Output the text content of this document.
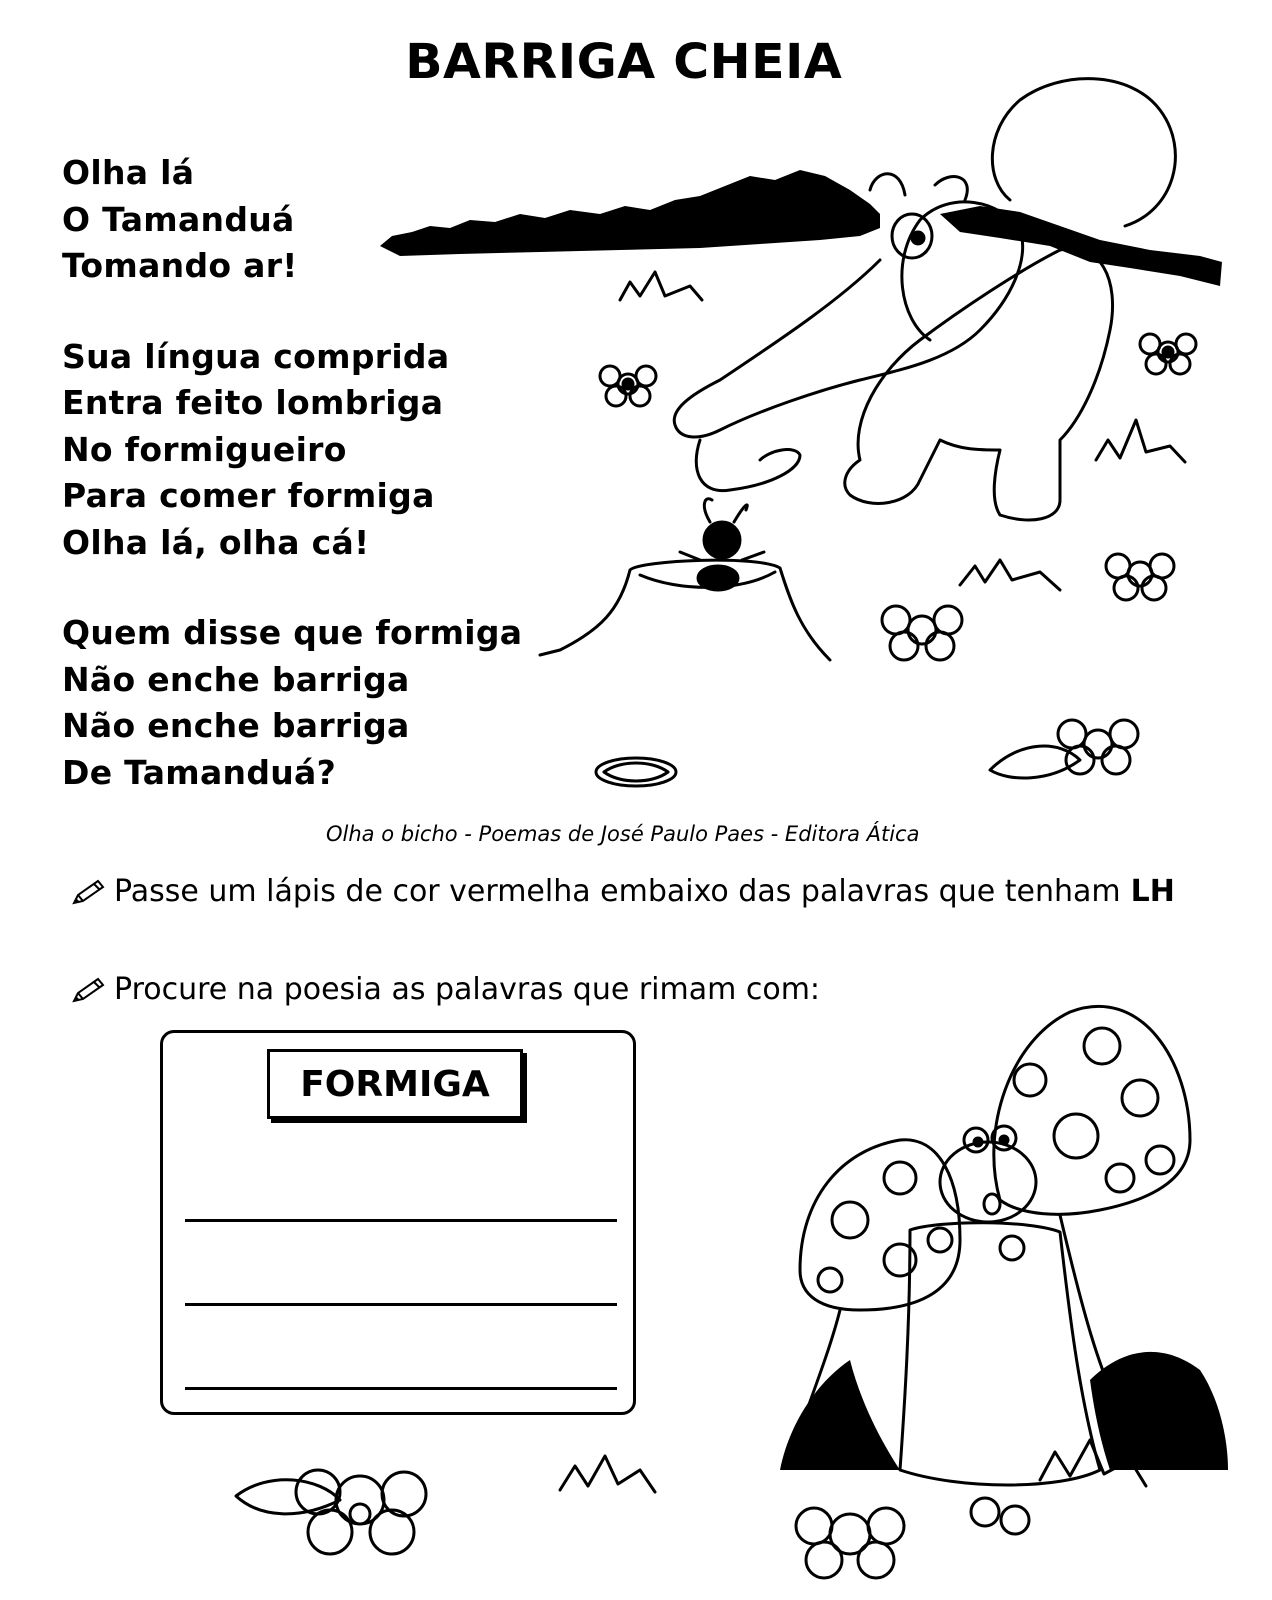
BARRIGA CHEIA
Olha lá
O Tamanduá
Tomando ar!
Sua língua comprida
Entra feito lombriga
No formigueiro
Para comer formiga
Olha lá, olha cá!
Quem disse que formiga
Não enche barriga
Não enche barriga
De Tamanduá?
Olha o bicho - Poemas de José Paulo Paes - Editora Ática
Passe um lápis de cor vermelha embaixo das palavras que tenham LH
Procure na poesia as palavras que rimam com:
FORMIGA
